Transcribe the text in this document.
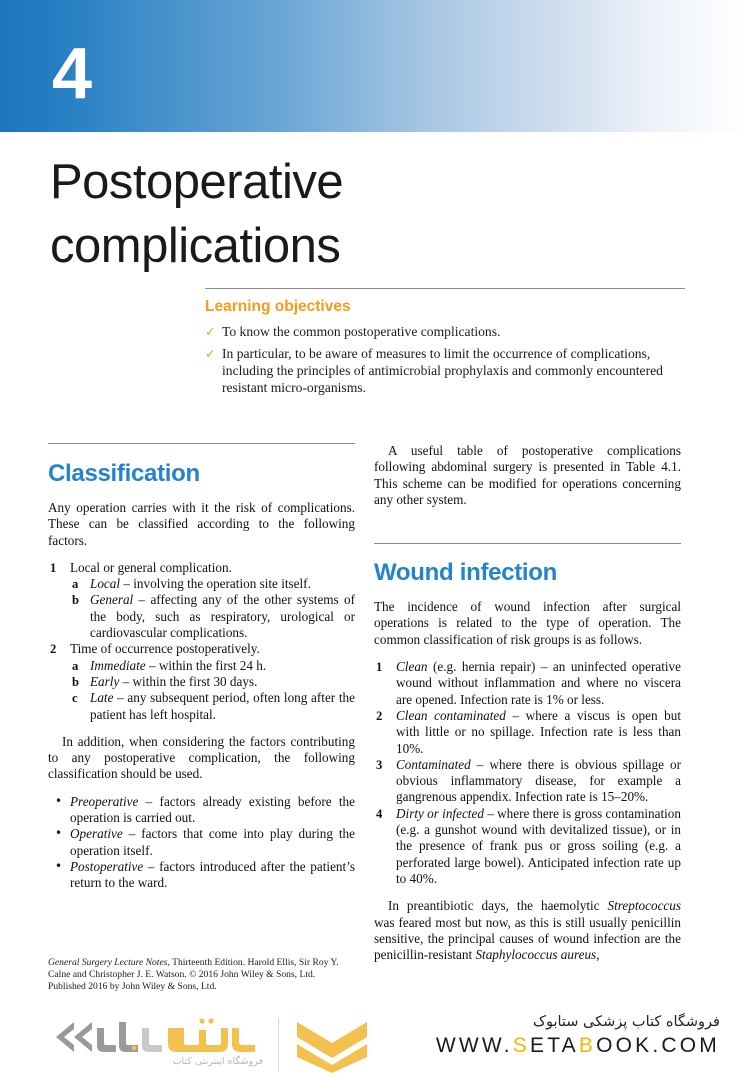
4
Postoperative
complications
Learning objectives
✓ To know the common postoperative complications.
✓ In particular, to be aware of measures to limit the occurrence of complications, including the principles of antimicrobial prophylaxis and commonly encountered resistant micro-organisms.
Classification

Any operation carries with it the risk of complications. These can be classified according to the following factors.

1 Local or general complication.
a Local – involving the operation site itself.
b General – affecting any of the other systems of the body, such as respiratory, urological or cardiovascular complications.
2 Time of occurrence postoperatively.
a Immediate – within the first 24 h.
b Early – within the first 30 days.
c Late – any subsequent period, often long after the patient has left hospital.

In addition, when considering the factors contributing to any postoperative complication, the following classification should be used.

• Preoperative – factors already existing before the operation is carried out.
• Operative – factors that come into play during the operation itself.
• Postoperative – factors introduced after the patient’s return to the ward.

A useful table of postoperative complications following abdominal surgery is presented in Table 4.1. This scheme can be modified for operations concerning any other system.

Wound infection

The incidence of wound infection after surgical operations is related to the type of operation. The common classification of risk groups is as follows.

1 Clean (e.g. hernia repair) – an uninfected operative wound without inflammation and where no viscera are opened. Infection rate is 1% or less.
2 Clean contaminated – where a viscus is open but with little or no spillage. Infection rate is less than 10%.
3 Contaminated – where there is obvious spillage or obvious inflammatory disease, for example a gangrenous appendix. Infection rate is 15–20%.
4 Dirty or infected – where there is gross contamination (e.g. a gunshot wound with devitalized tissue), or in the presence of frank pus or gross soiling (e.g. a perforated large bowel). Anticipated infection rate up to 40%.

In preantibiotic days, the haemolytic Streptococcus was feared most but now, as this is still usually penicillin sensitive, the principal causes of wound infection are the penicillin-resistant Staphylococcus aureus,

General Surgery Lecture Notes, Thirteenth Edition. Harold Ellis, Sir Roy Y. Calne and Christopher J. E. Watson. © 2016 John Wiley & Sons, Ltd. Published 2016 by John Wiley & Sons, Ltd.
فروشگاه اینترنتی کتاب
فروشگاه کتاب پزشکی ستابوک
WWW.SETABOOK.COM
